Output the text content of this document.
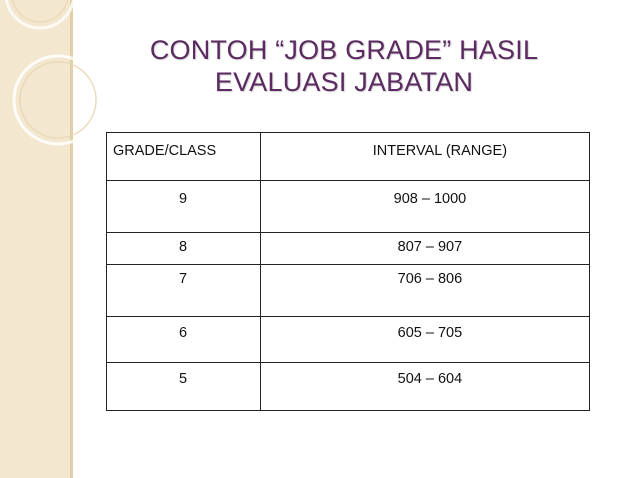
CONTOH “JOB GRADE” HASIL
EVALUASI JABATAN
GRADE/CLASS	INTERVAL (RANGE)

9	908 – 1000

8	807 – 907

7	706 – 806

6	605 – 705

5	504 – 604
